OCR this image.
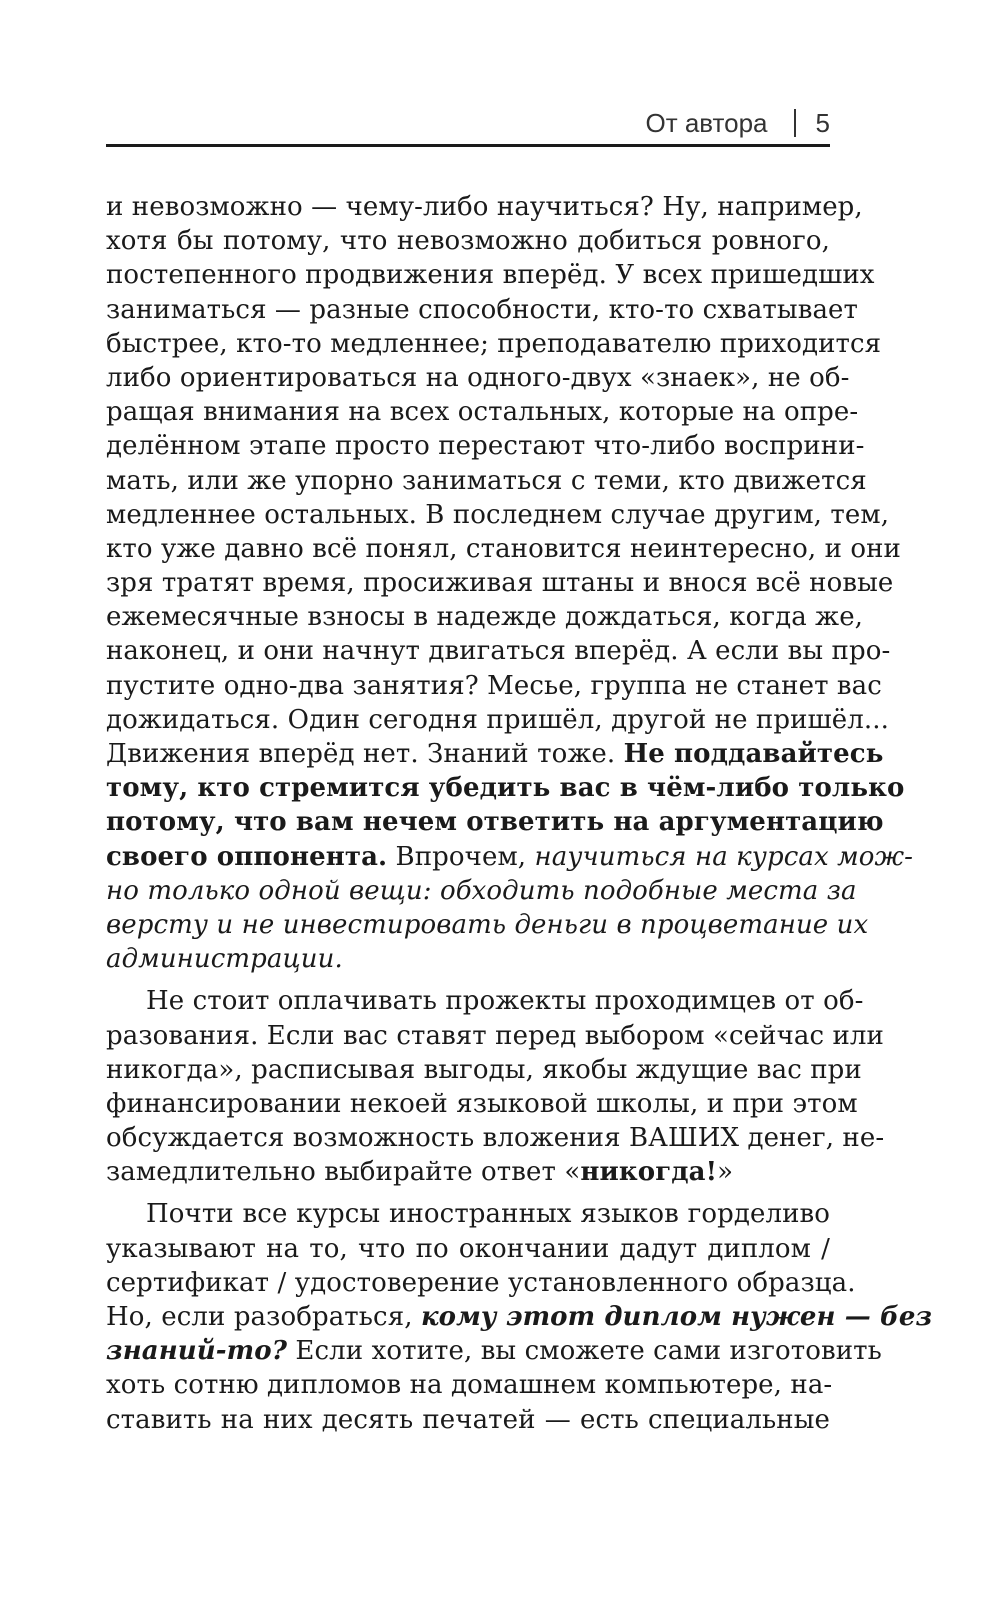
От автора 5
и невозможно — чему-либо научиться? Ну, например,
хотя бы потому, что невозможно добиться ровного,
постепенного продвижения вперёд. У всех пришедших
заниматься — разные способности, кто-то схватывает
быстрее, кто-то медленнее; преподавателю приходится
либо ориентироваться на одного-двух «знаек», не об-
ращая внимания на всех остальных, которые на опре-
делённом этапе просто перестают что-либо восприни-
мать, или же упорно заниматься с теми, кто движется
медленнее остальных. В последнем случае другим, тем,
кто уже давно всё понял, становится неинтересно, и они
зря тратят время, просиживая штаны и внося всё новые
ежемесячные взносы в надежде дождаться, когда же,
наконец, и они начнут двигаться вперёд. А если вы про-
пустите одно-два занятия? Месье, группа не станет вас
дожидаться. Один сегодня пришёл, другой не пришёл...
Движения вперёд нет. Знаний тоже. Не поддавайтесь
тому, кто стремится убедить вас в чём-либо только
потому, что вам нечем ответить на аргументацию
своего оппонента. Впрочем, научиться на курсах мож-
но только одной вещи: обходить подобные места за
версту и не инвестировать деньги в процветание их
администрации.
Не стоит оплачивать прожекты проходимцев от об-
разования. Если вас ставят перед выбором «сейчас или
никогда», расписывая выгоды, якобы ждущие вас при
финансировании некоей языковой школы, и при этом
обсуждается возможность вложения ВАШИХ денег, не-
замедлительно выбирайте ответ «никогда!»
Почти все курсы иностранных языков горделиво
указывают на то, что по окончании дадут диплом /
сертификат / удостоверение установленного образца.
Но, если разобраться, кому этот диплом нужен — без
знаний-то? Если хотите, вы сможете сами изготовить
хоть сотню дипломов на домашнем компьютере, на-
ставить на них десять печатей — есть специальные
